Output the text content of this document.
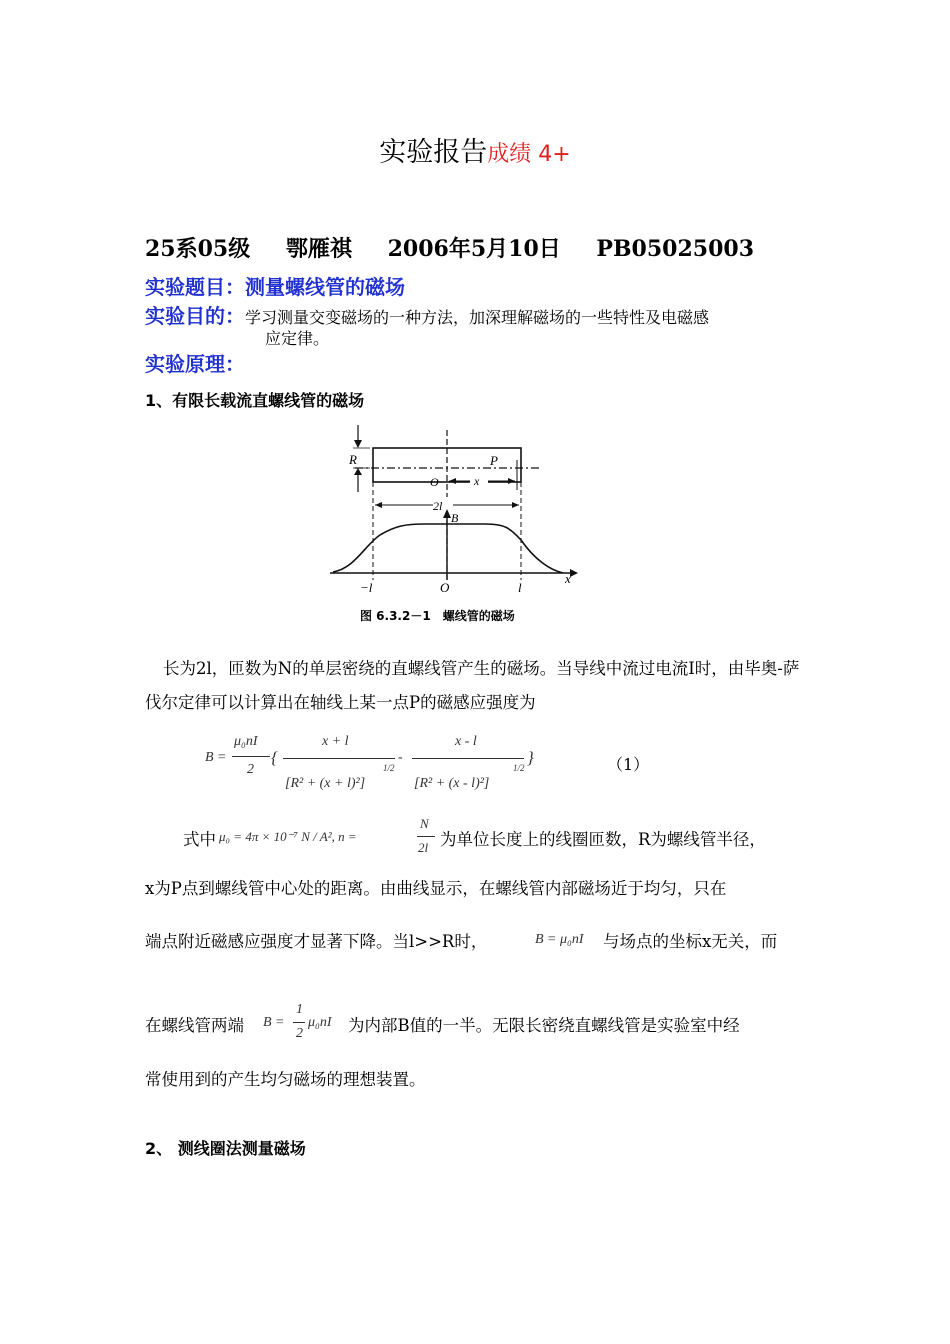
实验报告成绩 4+
25系05级 鄂雁祺 2006年5月10日 PB05025003
实验题目：测量螺线管的磁场
实验目的：学习测量交变磁场的一种方法，加深理解磁场的一些特性及电磁感
应定律。
实验原理：
1、有限长载流直螺线管的磁场
R	P
O	x
2l
B
−l	O	l
x
图 6.3.2－1　螺线管的磁场
长为2l，匝数为N的单层密绕的直螺线管产生的磁场。当导线中流过电流I时，由毕奥-萨伐尔定律可以计算出在轴线上某一点P的磁感应强度为
B =
μ₀nI
2
{
x + l
[R² + (x + l)²]
1/2
-
x - l
[R² + (x - l)²]
1/2
}	（1）
式中 μ₀ = 4π × 10⁻⁷ N / A², n =
N
2l 为单位长度上的线圈匝数，R为螺线管半径，
x为P点到螺线管中心处的距离。由曲线显示，在螺线管内部磁场近于均匀，只在
端点附近磁感应强度才显著下降。当l>>R时，	B = μ₀nI 与场点的坐标x无关，而
在螺线管两端 B =
1
2
μ₀nI 为内部B值的一半。无限长密绕直螺线管是实验室中经
常使用到的产生均匀磁场的理想装置。
2、 测线圈法测量磁场
